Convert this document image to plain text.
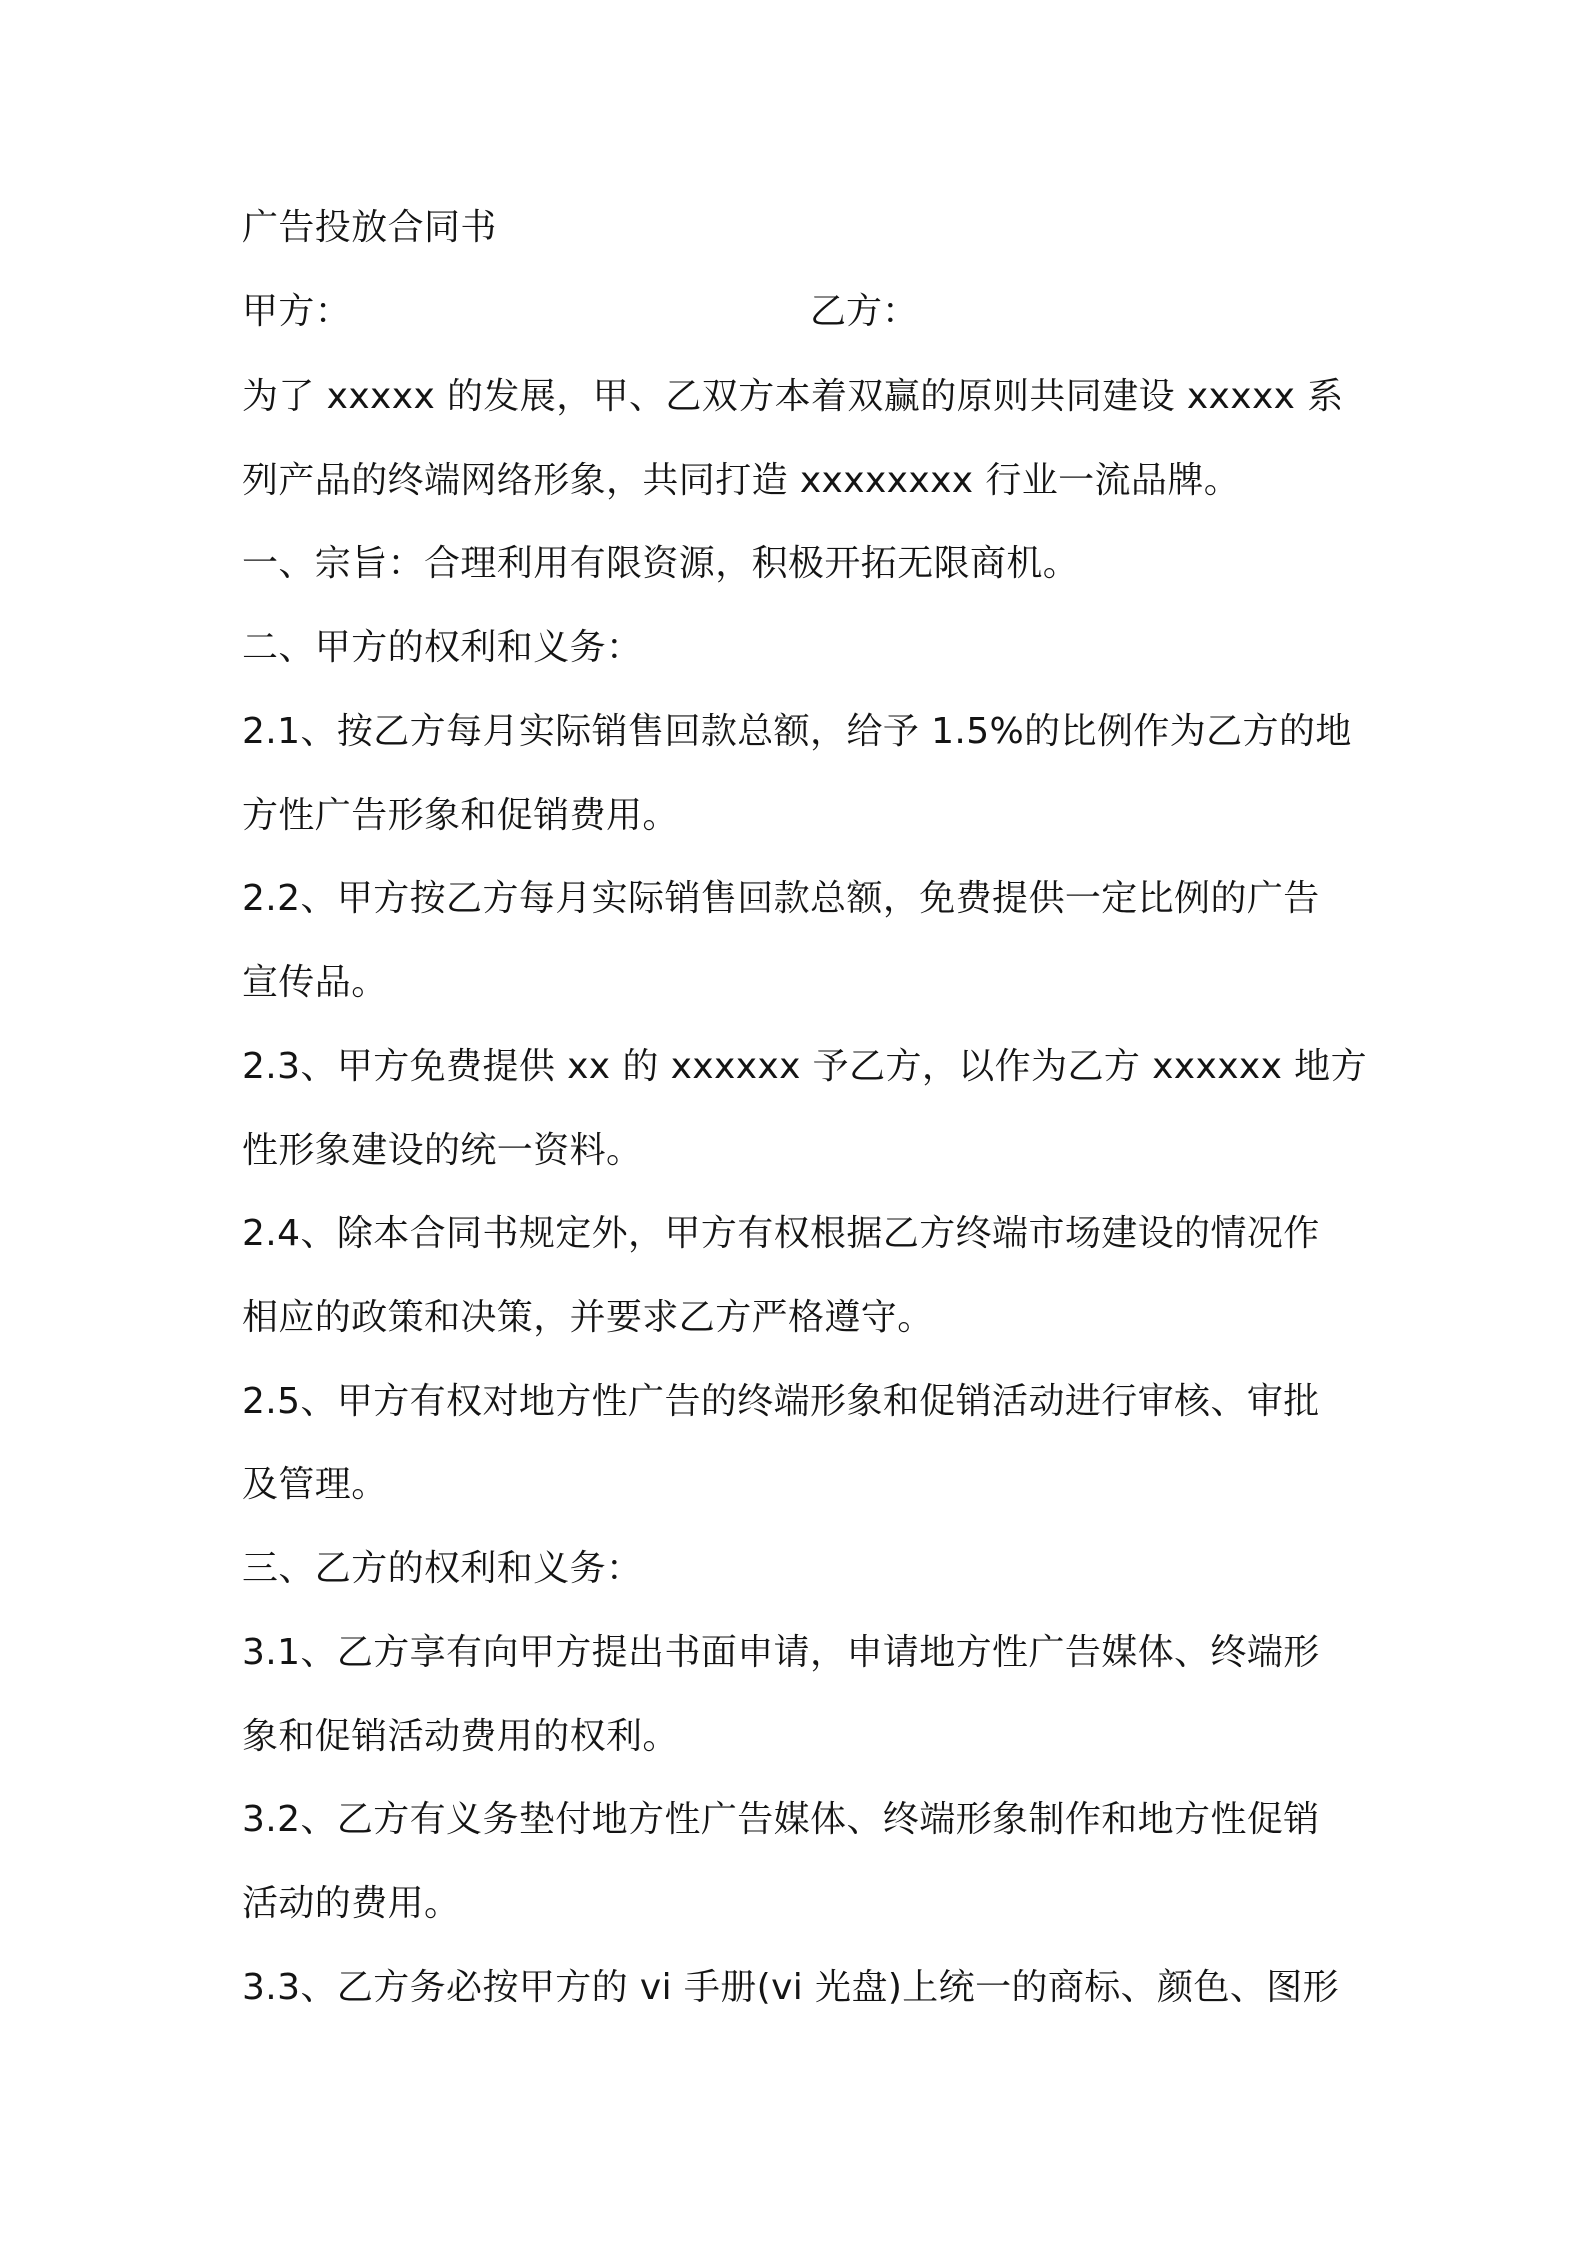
广告投放合同书
甲方：	乙方：
为了 xxxxx 的发展，甲、乙双方本着双赢的原则共同建设 xxxxx 系
列产品的终端网络形象，共同打造 xxxxxxxx 行业一流品牌。
一、宗旨：合理利用有限资源，积极开拓无限商机。
二、甲方的权利和义务：
2.1、按乙方每月实际销售回款总额，给予 1.5%的比例作为乙方的地
方性广告形象和促销费用。
2.2、甲方按乙方每月实际销售回款总额，免费提供一定比例的广告
宣传品。
2.3、甲方免费提供 xx 的 xxxxxx 予乙方，以作为乙方 xxxxxx 地方
性形象建设的统一资料。
2.4、除本合同书规定外，甲方有权根据乙方终端市场建设的情况作
相应的政策和决策，并要求乙方严格遵守。
2.5、甲方有权对地方性广告的终端形象和促销活动进行审核、审批
及管理。
三、乙方的权利和义务：
3.1、乙方享有向甲方提出书面申请，申请地方性广告媒体、终端形
象和促销活动费用的权利。
3.2、乙方有义务垫付地方性广告媒体、终端形象制作和地方性促销
活动的费用。
3.3、乙方务必按甲方的 vi 手册(vi 光盘)上统一的商标、颜色、图形
